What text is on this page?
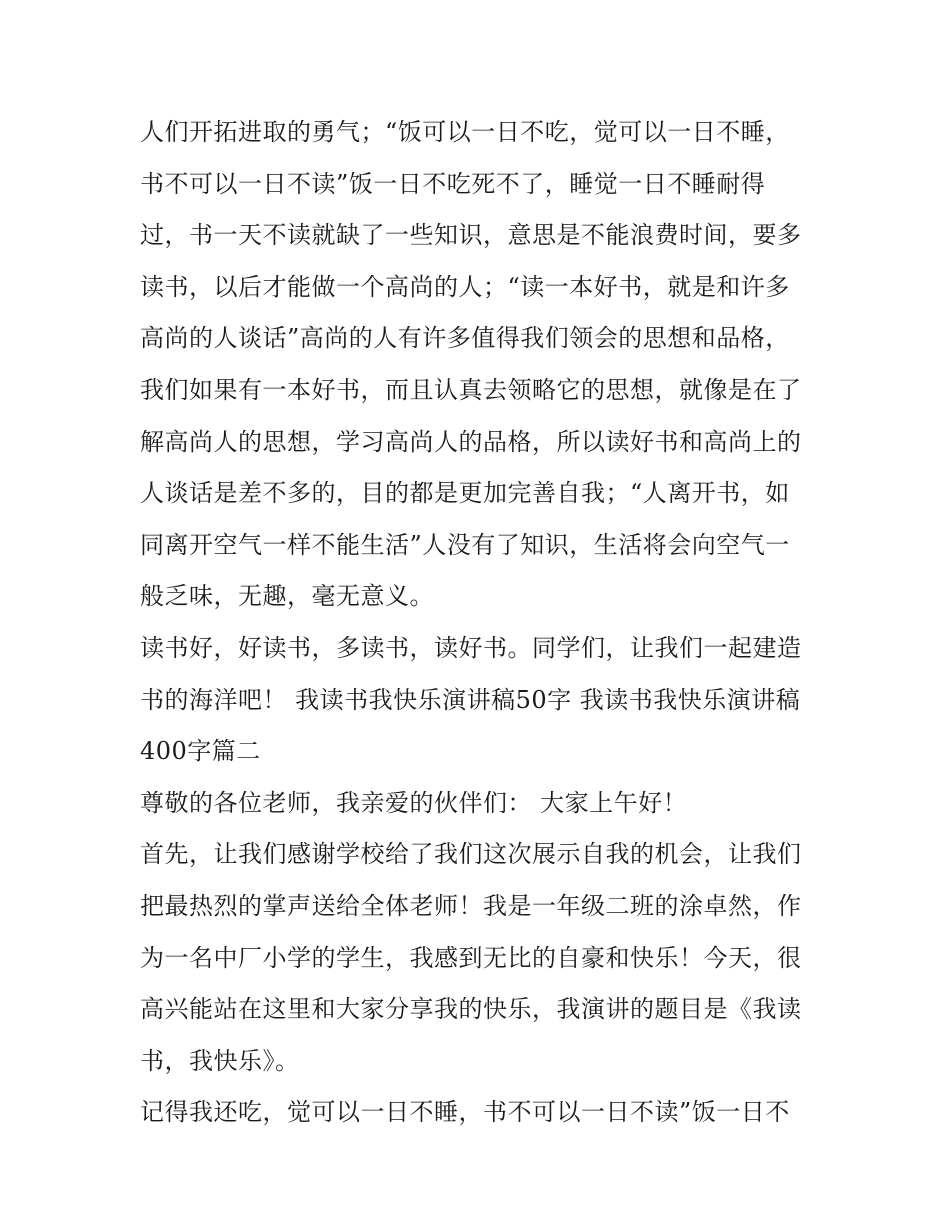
人们开拓进取的勇气；“饭可以一日不吃，觉可以一日不睡，
书不可以一日不读”饭一日不吃死不了，睡觉一日不睡耐得
过，书一天不读就缺了一些知识，意思是不能浪费时间，要多
读书，以后才能做一个高尚的人；“读一本好书，就是和许多
高尚的人谈话”高尚的人有许多值得我们领会的思想和品格，
我们如果有一本好书，而且认真去领略它的思想，就像是在了
解高尚人的思想，学习高尚人的品格，所以读好书和高尚上的
人谈话是差不多的，目的都是更加完善自我；“人离开书，如
同离开空气一样不能生活”人没有了知识，生活将会向空气一
般乏味，无趣，毫无意义。
读书好，好读书，多读书，读好书。同学们，让我们一起建造
书的海洋吧！ 我读书我快乐演讲稿50字 我读书我快乐演讲稿
400字篇二
尊敬的各位老师，我亲爱的伙伴们： 大家上午好！
首先，让我们感谢学校给了我们这次展示自我的机会，让我们
把最热烈的掌声送给全体老师！我是一年级二班的涂卓然，作
为一名中厂小学的学生，我感到无比的自豪和快乐！今天，很
高兴能站在这里和大家分享我的快乐，我演讲的题目是《我读
书，我快乐》。
记得我还吃，觉可以一日不睡，书不可以一日不读”饭一日不
